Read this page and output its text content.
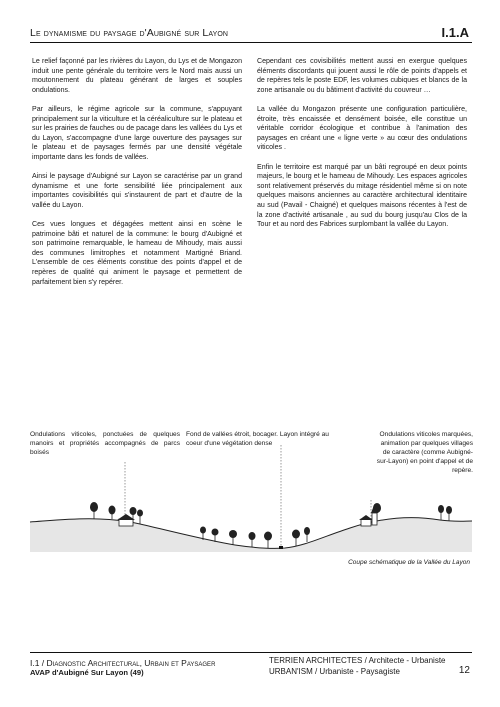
Le dynamisme du paysage d'Aubigné sur Layon	I.1.A

Le relief façonné par les rivières du Layon, du Lys et de Mongazon induit une pente générale du territoire vers le Nord mais aussi un moutonnement du plateau générant de larges et souples ondulations.

Par ailleurs, le régime agricole sur la commune, s'appuyant principalement sur la viticulture et la céréaliculture sur le plateau et sur les prairies de fauches ou de pacage dans les vallées du Lys et du Layon, s'accompagne d'une large ouverture des paysages sur le plateau et de paysages fermés par une densité végétale importante dans les fonds de vallées.

Ainsi le paysage d'Aubigné sur Layon se caractérise par un grand dynamisme et une forte sensibilité liée principalement aux importantes covisibilités qui s'instaurent de part et d'autre de la vallée du Layon.

Ces vues longues et dégagées mettent ainsi en scène le patrimoine bâti et naturel de la commune: le bourg d'Aubigné et son patrimoine remarquable, le hameau de Mihoudy, mais aussi des communes limitrophes et notamment Martigné Briand. L'ensemble de ces éléments constitue des points d'appel et de repères de qualité qui animent le paysage et permettent de parfaitement bien s'y repérer.

Cependant ces covisibilités mettent aussi en exergue quelques éléments discordants qui jouent aussi le rôle de points d'appels et de repères tels le poste EDF, les volumes cubiques et blancs de la zone artisanale ou du bâtiment d'activité du couvreur …

La vallée du Mongazon présente une configuration particulière, étroite, très encaissée et densément boisée, elle constitue un véritable corridor écologique et contribue à l'animation des paysages en créant une « ligne verte » au cœur des ondulations viticoles .

Enfin le territoire est marqué par un bâti regroupé en deux points majeurs, le bourg et le hameau de Mihoudy. Les espaces agricoles sont relativement préservés du mitage résidentiel même si on note quelques maisons anciennes au caractère architectural identitaire au sud (Pavail - Chaigné) et quelques maisons récentes à l'est de la zone d'activité artisanale , au sud du bourg jusqu'au Clos de la Tour et au nord des Fabrices surplombant la vallée du Layon.

Ondulations viticoles, ponctuées de quelques manoirs et propriétés accompagnés de parcs boisés
Fond de vallées étroit, bocager. Layon intégré au coeur d'une végétation dense
Ondulations viticoles marquées, animation par quelques villages de caractère (comme Aubigné-sur-Layon) en point d'appel et de repère.
Coupe schématique de la Vallée du Layon
I.1 / Diagnostic Architectural, Urbain et Paysager
AVAP d'Aubigné Sur Layon (49)
TERRIEN ARCHITECTES / Architecte - Urbaniste
URBAN'ISM / Urbaniste - Paysagiste	12
